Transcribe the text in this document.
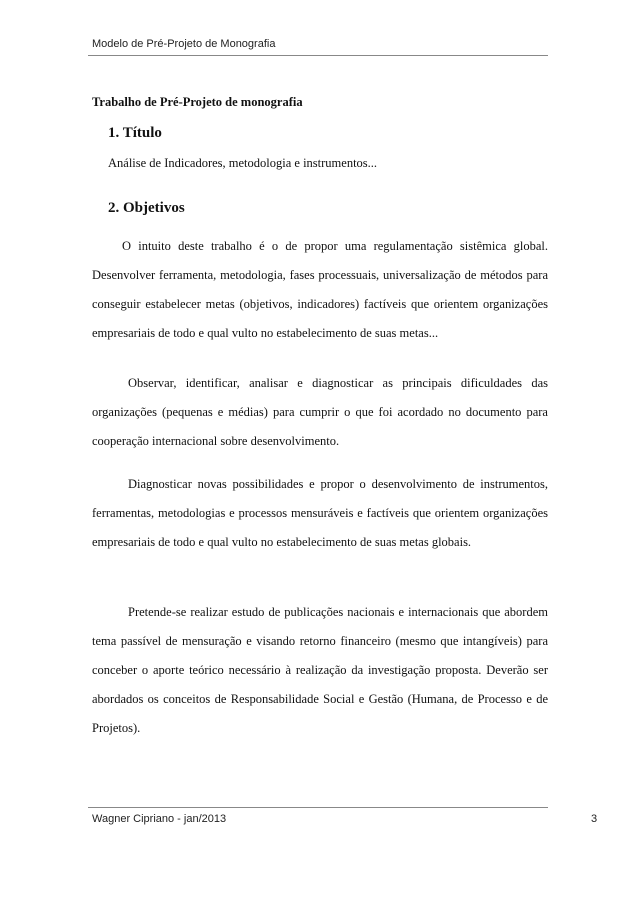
Modelo de Pré-Projeto de Monografia
Trabalho de Pré-Projeto de monografia
1. Título
Análise de Indicadores, metodologia e instrumentos...
2. Objetivos

O intuito deste trabalho é o de propor uma regulamentação sistêmica global. Desenvolver ferramenta, metodologia, fases processuais, universalização de métodos para conseguir estabelecer metas (objetivos, indicadores) factíveis que orientem organizações empresariais de todo e qual vulto no estabelecimento de suas metas...

Observar, identificar, analisar e diagnosticar as principais dificuldades das organizações (pequenas e médias) para cumprir o que foi acordado no documento para cooperação internacional sobre desenvolvimento.

Diagnosticar novas possibilidades e propor o desenvolvimento de instrumentos, ferramentas, metodologias e processos mensuráveis e factíveis que orientem organizações empresariais de todo e qual vulto no estabelecimento de suas metas globais.

Pretende-se realizar estudo de publicações nacionais e internacionais que abordem tema passível de mensuração e visando retorno financeiro (mesmo que intangíveis) para conceber o aporte teórico necessário à realização da investigação proposta. Deverão ser abordados os conceitos de Responsabilidade Social e Gestão (Humana, de Processo e de Projetos).

Wagner Cipriano - jan/2013	3
